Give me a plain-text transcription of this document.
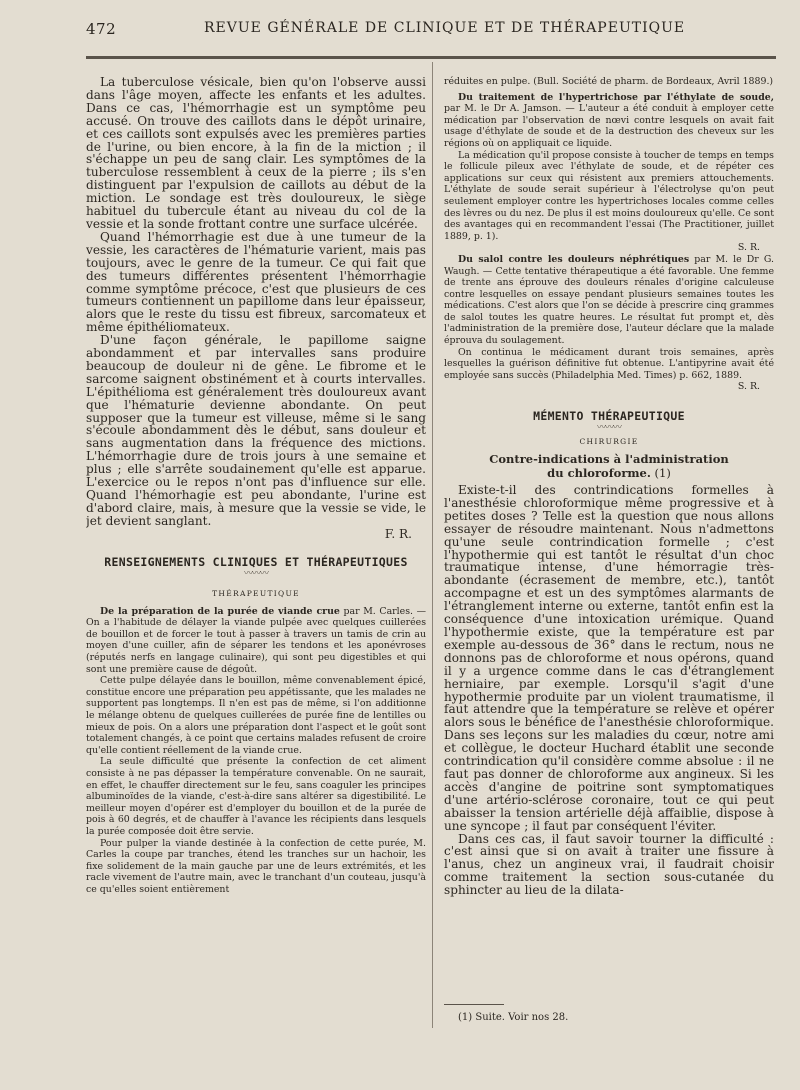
472	REVUE GÉNÉRALE DE CLINIQUE ET DE THÉRAPEUTIQUE

La tuberculose vésicale, bien qu'on l'observe aussi dans l'âge moyen, affecte les enfants et les adultes. Dans ce cas, l'hémorrhagie est un symptôme peu accusé. On trouve des caillots dans le dépôt urinaire, et ces caillots sont expulsés avec les premières parties de l'urine, ou bien encore, à la fin de la miction ; il s'échappe un peu de sang clair. Les symptômes de la tuberculose ressemblent à ceux de la pierre ; ils s'en distinguent par l'expulsion de caillots au début de la miction. Le sondage est très douloureux, le siège habituel du tubercule étant au niveau du col de la vessie et la sonde frottant contre une surface ulcérée.

Quand l'hémorrhagie est due à une tumeur de la vessie, les caractères de l'hématurie varient, mais pas toujours, avec le genre de la tumeur. Ce qui fait que des tumeurs différentes présentent l'hémorrhagie comme symptôme précoce, c'est que plusieurs de ces tumeurs contiennent un papillome dans leur épaisseur, alors que le reste du tissu est fibreux, sarcomateux et même épithéliomateux.

D'une façon générale, le papillome saigne abondamment et par intervalles sans produire beaucoup de douleur ni de gêne. Le fibrome et le sarcome saignent obstinément et à courts intervalles. L'épithélioma est généralement très douloureux avant que l'hématurie devienne abondante. On peut supposer que la tumeur est villeuse, même si le sang s'écoule abondamment dès le début, sans douleur et sans augmentation dans la fréquence des mictions. L'hémorrhagie dure de trois jours à une semaine et plus ; elle s'arrête soudainement qu'elle est apparue. L'exercice ou le repos n'ont pas d'influence sur elle. Quand l'hémorhagie est peu abondante, l'urine est d'abord claire, mais, à mesure que la vessie se vide, le jet devient sanglant.

F. R.

RENSEIGNEMENTS CLINIQUES ET THÉRAPEUTIQUES
〰〰〰
THÉRAPEUTIQUE

De la préparation de la purée de viande crue par M. Carles. — On a l'habitude de délayer la viande pulpée avec quelques cuillerées de bouillon et de forcer le tout à passer à travers un tamis de crin au moyen d'une cuiller, afin de séparer les tendons et les aponévroses (réputés nerfs en langage culinaire), qui sont peu digestibles et qui sont une première cause de dégoût.

Cette pulpe délayée dans le bouillon, même convenablement épicé, constitue encore une préparation peu appétissante, que les malades ne supportent pas longtemps. Il n'en est pas de même, si l'on additionne le mélange obtenu de quelques cuillerées de purée fine de lentilles ou mieux de pois. On a alors une préparation dont l'aspect et le goût sont totalement changés, à ce point que certains malades refusent de croire qu'elle contient réellement de la viande crue.

La seule difficulté que présente la confection de cet aliment consiste à ne pas dépasser la température convenable. On ne saurait, en effet, le chauffer directement sur le feu, sans coaguler les principes albuminoïdes de la viande, c'est-à-dire sans altérer sa digestibilité. Le meilleur moyen d'opérer est d'employer du bouillon et de la purée de pois à 60 degrés, et de chauffer à l'avance les récipients dans lesquels la purée composée doit être servie.

Pour pulper la viande destinée à la confection de cette purée, M. Carles la coupe par tranches, étend les tranches sur un hachoir, les fixe solidement de la main gauche par une de leurs extrémités, et les racle vivement de l'autre main, avec le tranchant d'un couteau, jusqu'à ce qu'elles soient entièrement

réduites en pulpe. (Bull. Société de pharm. de Bordeaux, Avril 1889.)

Du traitement de l'hypertrichose par l'éthylate de soude, par M. le Dr A. Jamson. — L'auteur a été conduit à employer cette médication par l'observation de nœvi contre lesquels on avait fait usage d'éthylate de soude et de la destruction des cheveux sur les régions où on appliquait ce liquide.

La médication qu'il propose consiste à toucher de temps en temps le follicule pileux avec l'éthylate de soude, et de répéter ces applications sur ceux qui résistent aux premiers attouchements. L'éthylate de soude serait supérieur à l'électrolyse qu'on peut seulement employer contre les hypertrichoses locales comme celles des lèvres ou du nez. De plus il est moins douloureux qu'elle. Ce sont des avantages qui en recommandent l'essai (The Practitioner, juillet 1889, p. 1).

S. R.

Du salol contre les douleurs néphrétiques par M. le Dr G. Waugh. — Cette tentative thérapeutique a été favorable. Une femme de trente ans éprouve des douleurs rénales d'origine calculeuse contre lesquelles on essaye pendant plusieurs semaines toutes les médications. C'est alors que l'on se décide à prescrire cinq grammes de salol toutes les quatre heures. Le résultat fut prompt et, dès l'administration de la première dose, l'auteur déclare que la malade éprouva du soulagement.

On continua le médicament durant trois semaines, après lesquelles la guérison définitive fut obtenue. L'antipyrine avait été employée sans succès (Philadelphia Med. Times) p. 662, 1889.

S. R.

MÉMENTO THÉRAPEUTIQUE
〰〰〰
CHIRURGIE
Contre-indications à l'administration
du chloroforme. (1)

Existe-t-il des contrindications formelles à l'anesthésie chloroformique même progressive et à petites doses ? Telle est la question que nous allons essayer de résoudre maintenant. Nous n'admettons qu'une seule contrindication formelle ; c'est l'hypothermie qui est tantôt le résultat d'un choc traumatique intense, d'une hémorragie très-abondante (écrasement de membre, etc.), tantôt accompagne et est un des symptômes alarmants de l'étranglement interne ou externe, tantôt enfin est la conséquence d'une intoxication urémique. Quand l'hypothermie existe, que la température est par exemple au-dessous de 36° dans le rectum, nous ne donnons pas de chloroforme et nous opérons, quand il y a urgence comme dans le cas d'étranglement herniaire, par exemple. Lorsqu'il s'agit d'une hypothermie produite par un violent traumatisme, il faut attendre que la température se relève et opérer alors sous le bénéfice de l'anesthésie chloroformique. Dans ses leçons sur les maladies du cœur, notre ami et collègue, le docteur Huchard établit une seconde contrindication qu'il considère comme absolue : il ne faut pas donner de chloroforme aux angineux. Si les accès d'angine de poitrine sont symptomatiques d'une artério-sclérose coronaire, tout ce qui peut abaisser la tension artérielle déjà affaiblie, dispose à une syncope ; il faut par conséquent l'éviter.

Dans ces cas, il faut savoir tourner la difficulté : c'est ainsi que si on avait à traiter une fissure à l'anus, chez un angineux vrai, il faudrait choisir comme traitement la section sous-cutanée du sphincter au lieu de la dilata-

(1) Suite. Voir nos 28.
